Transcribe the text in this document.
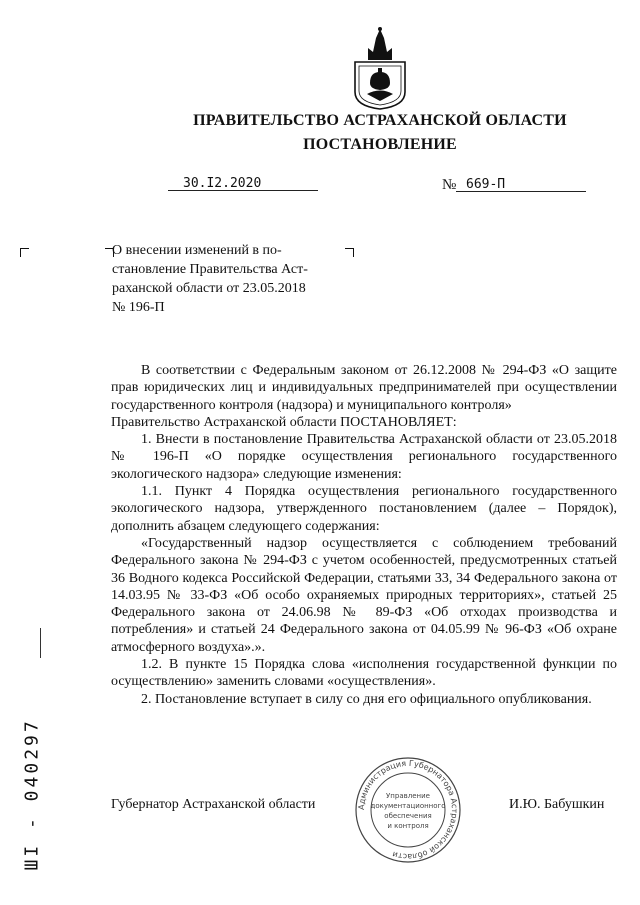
ПРАВИТЕЛЬСТВО АСТРАХАНСКОЙ ОБЛАСТИ
ПОСТАНОВЛЕНИЕ
30.I2.2020	№ 669-П
О внесении изменений в по-
становление Правительства Аст-
раханской области от 23.05.2018
№ 196-П

В соответствии с Федеральным законом от 26.12.2008 № 294-ФЗ «О защите прав юридических лиц и индивидуальных предпринимателей при осуществлении государственного контроля (надзора) и муниципального контроля»

Правительство Астраханской области ПОСТАНОВЛЯЕТ:

1. Внести в постановление Правительства Астраханской области от 23.05.2018 № 196-П «О порядке осуществления регионального государственного экологического надзора» следующие изменения:

1.1. Пункт 4 Порядка осуществления регионального государственного экологического надзора, утвержденного постановлением (далее – Порядок), дополнить абзацем следующего содержания:

«Государственный надзор осуществляется с соблюдением требований Федерального закона № 294-ФЗ с учетом особенностей, предусмотренных статьей 36 Водного кодекса Российской Федерации, статьями 33, 34 Федерального закона от 14.03.95 № 33-ФЗ «Об особо охраняемых природных территориях», статьей 25 Федерального закона от 24.06.98 № 89-ФЗ «Об отходах производства и потребления» и статьей 24 Федерального закона от 04.05.99 № 96-ФЗ «Об охране атмосферного воздуха».».

1.2. В пункте 15 Порядка слова «исполнения государственной функции по осуществлению» заменить словами «осуществления».

2. Постановление вступает в силу со дня его официального опубликования.

Губернатор Астраханской области	И.Ю. Бабушкин
Администрация Губернатора Астраханской области
Управление
документационного
обеспечения
и контроля
ШI - 040297
